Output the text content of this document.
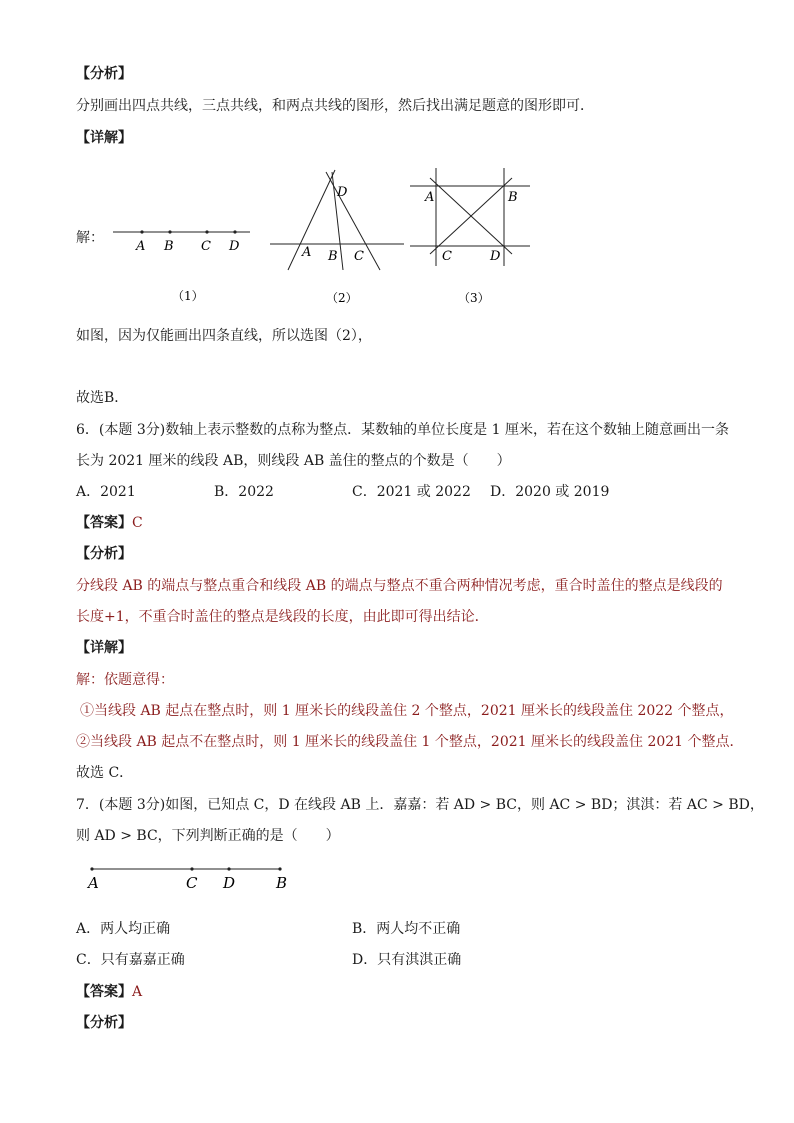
【分析】
分别画出四点共线，三点共线，和两点共线的图形，然后找出满足题意的图形即可．
【详解】
解：
A B C D
（1）
D
A B C
（2）
A	B
C	D
（3）
如图，因为仅能画出四条直线，所以选图（2），
故选B．
6．(本题 3分)数轴上表示整数的点称为整点．某数轴的单位长度是 1 厘米，若在这个数轴上随意画出一条
长为 2021 厘米的线段 AB，则线段 AB 盖住的整点的个数是（　　）
A．2021	B．2022	C．2021 或 2022 D．2020 或 2019
【答案】C
【分析】
分线段 AB 的端点与整点重合和线段 AB 的端点与整点不重合两种情况考虑，重合时盖住的整点是线段的
长度+1，不重合时盖住的整点是线段的长度，由此即可得出结论．
【详解】
解：依题意得：
①当线段 AB 起点在整点时，则 1 厘米长的线段盖住 2 个整点，2021 厘米长的线段盖住 2022 个整点，
②当线段 AB 起点不在整点时，则 1 厘米长的线段盖住 1 个整点，2021 厘米长的线段盖住 2021 个整点．
故选 C．
7．(本题 3分)如图，已知点 C，D 在线段 AB 上．嘉嘉：若 AD > BC，则 AC > BD；淇淇：若 AC > BD，
则 AD > BC，下列判断正确的是（　　）
A	C D	B
A．两人均正确	B．两人均不正确
C．只有嘉嘉正确	D．只有淇淇正确
【答案】A
【分析】
